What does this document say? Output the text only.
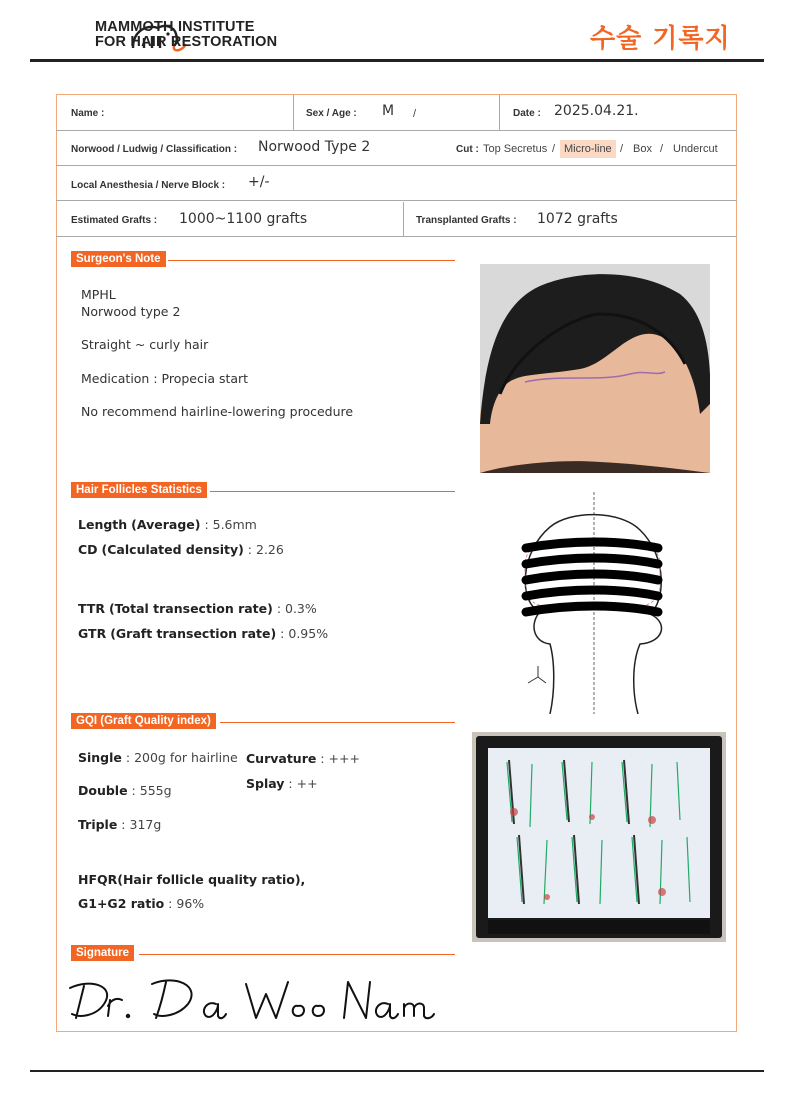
MAMMOTH INSTITUTE
FOR HAIR RESTORATION	수술 기록지
Name :	Sex / Age : M /	Date : 2025.04.21.
Norwood / Ludwig / Classification : Norwood Type 2	Cut : Top Secretus / Micro-line / Box / Undercut
Local Anesthesia / Nerve Block : +/-
Estimated Grafts : 1000~1100 grafts	Transplanted Grafts : 1072 grafts
Surgeon's Note
MPHL
Norwood type 2
Straight ~ curly hair
Medication : Propecia start
No recommend hairline-lowering procedure
Hair Follicles Statistics
Length (Average) : 5.6mm
CD (Calculated density) : 2.26
TTR (Total transection rate) : 0.3%
GTR (Graft transection rate) : 0.95%
GQI (Graft Quality index)
Single : 200g for hairline Curvature : +++
Splay : ++
Double : 555g
Triple : 317g
HFQR(Hair follicle quality ratio),
G1+G2 ratio : 96%
Signature
